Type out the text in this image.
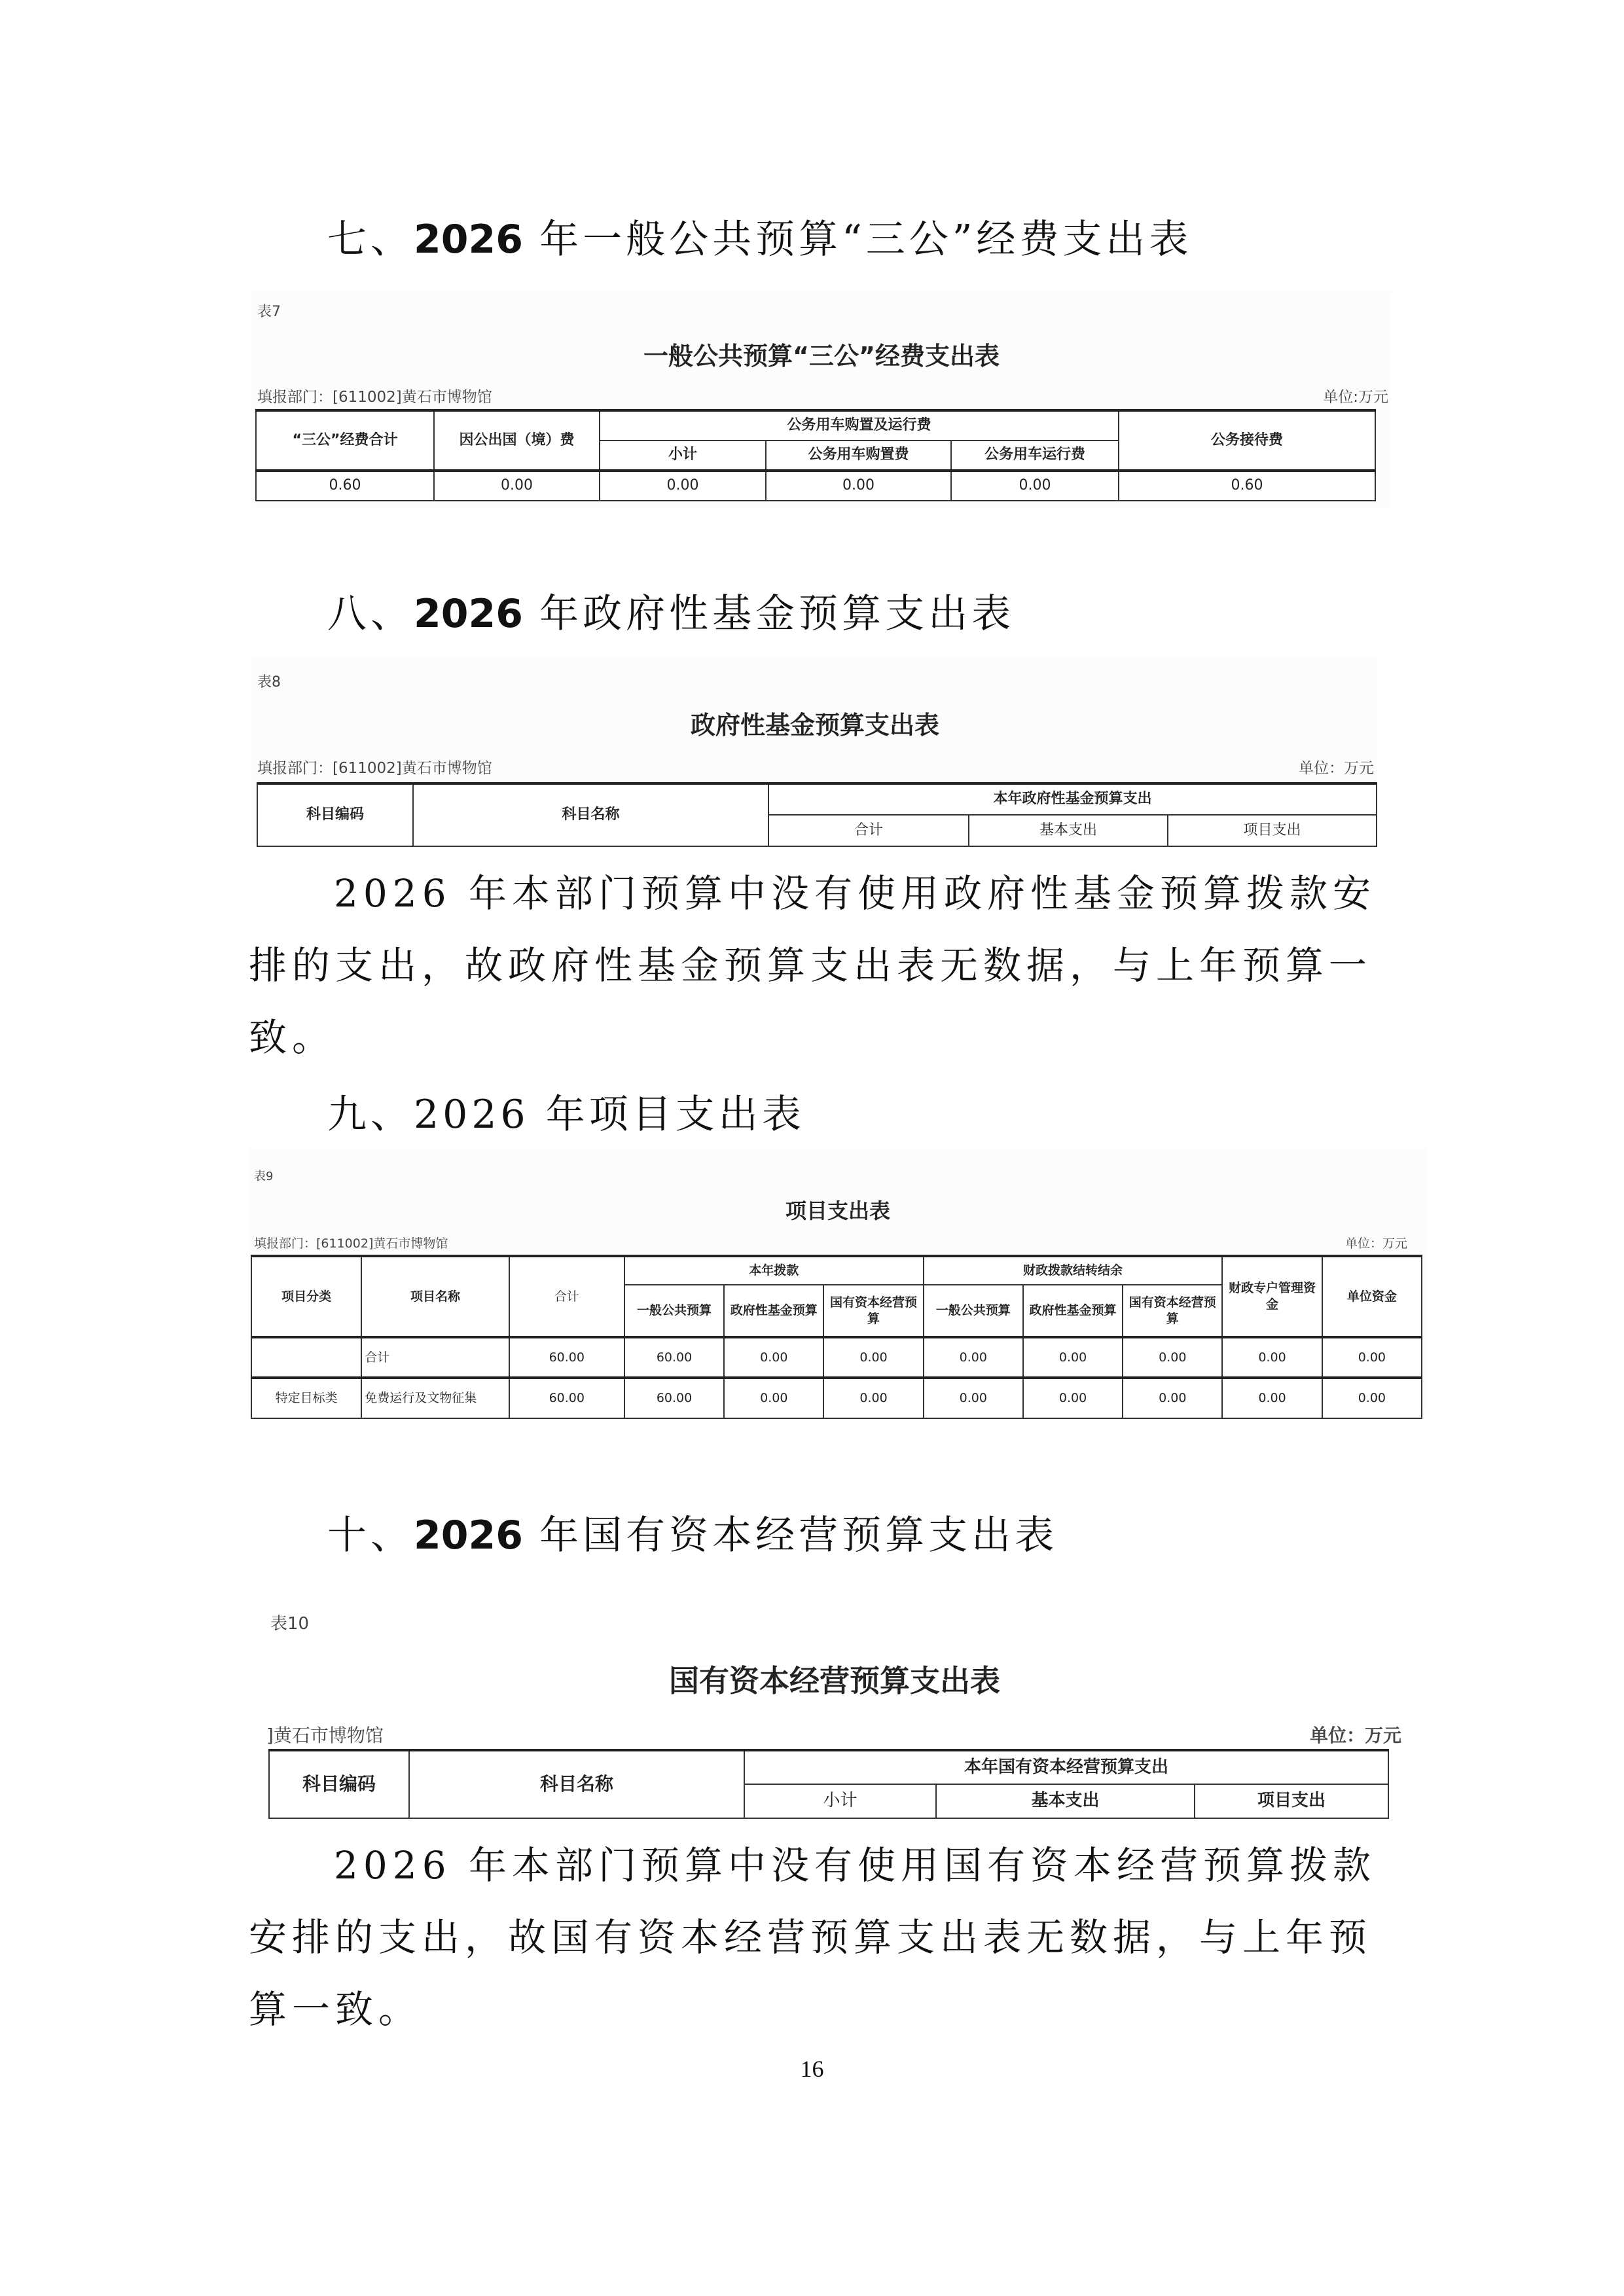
七、2026 年一般公共预算“三公”经费支出表
表7
一般公共预算“三公”经费支出表
填报部门：[611002]黄石市博物馆	单位:万元
“三公”经费合计	因公出国（境）费	公务用车购置及运行费			公务接待费
		小计	公务用车购置费	公务用车运行费	
0.60	0.00	0.00	0.00	0.00	0.60
八、2026 年政府性基金预算支出表
表8
政府性基金预算支出表
填报部门：[611002]黄石市博物馆	单位：万元
科目编码	科目名称	本年政府性基金预算支出		
		合计	基本支出	项目支出

2026 年本部门预算中没有使用政府性基金预算拨款安排的支出，故政府性基金预算支出表无数据，与上年预算一致。

九、2026 年项目支出表
表9
项目支出表
填报部门：[611002]黄石市博物馆	单位：万元
项目分类	项目名称	合计	本年拨款			财政拨款结转结余			财政专户管理资金	单位资金
			一般公共预算	政府性基金预算	国有资本经营预算	一般公共预算	政府性基金预算	国有资本经营预算		
	合计	60.00	60.00	0.00	0.00	0.00	0.00	0.00	0.00	0.00
特定目标类	免费运行及文物征集	60.00	60.00	0.00	0.00	0.00	0.00	0.00	0.00	0.00
十、2026 年国有资本经营预算支出表
表10
国有资本经营预算支出表
]黄石市博物馆	单位：万元
科目编码	科目名称	本年国有资本经营预算支出		
		小计	基本支出	项目支出

2026 年本部门预算中没有使用国有资本经营预算拨款安排的支出，故国有资本经营预算支出表无数据，与上年预算一致。

16
